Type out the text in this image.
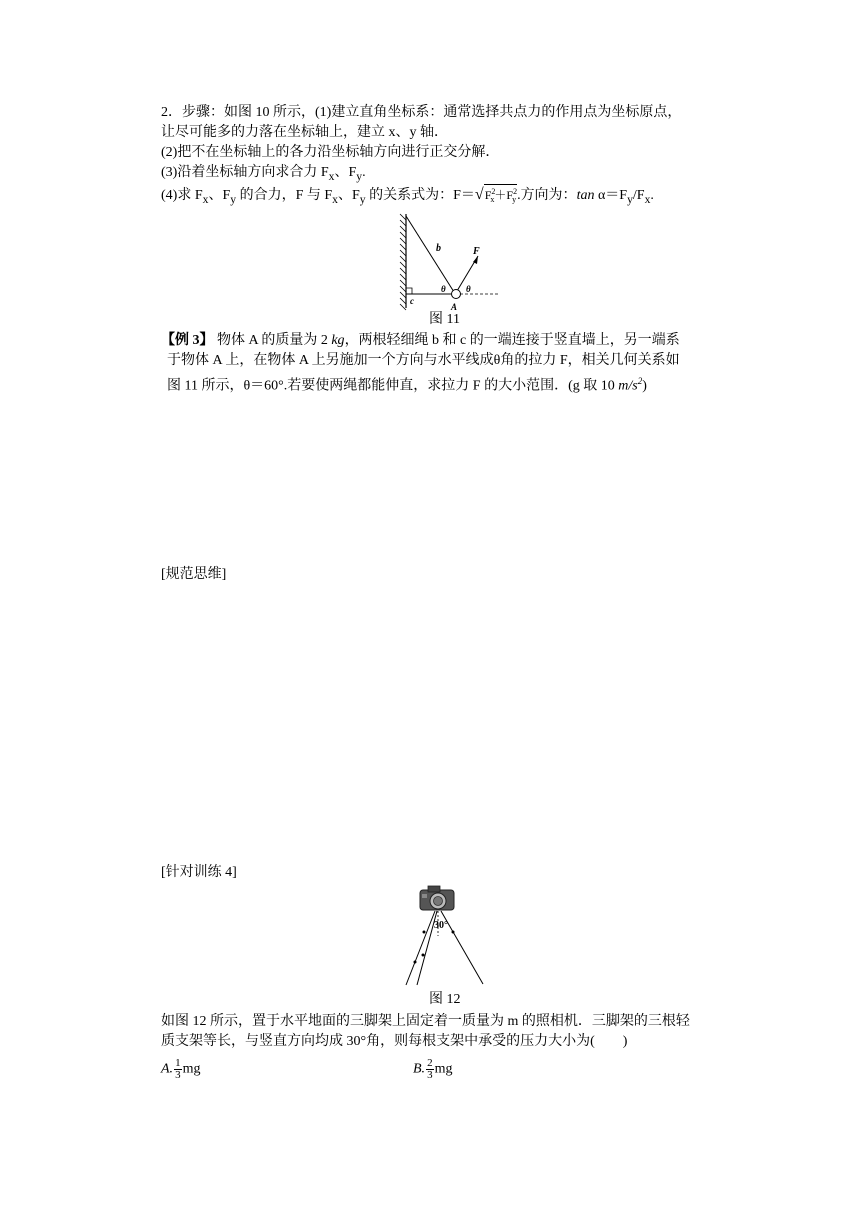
2．步骤：如图 10 所示，(1)建立直角坐标系：通常选择共点力的作用点为坐标原点，
让尽可能多的力落在坐标轴上，建立 x、y 轴．
(2)把不在坐标轴上的各力沿坐标轴方向进行正交分解．
(3)沿着坐标轴方向求合力 $F_x$、$F_y$.
(4)求 $F_x$、$F_y$ 的合力，F 与 $F_x$、$F_y$ 的关系式为：$F=√F^2_x+F^2_y$.方向为：$\tan \alpha=F_y/F_x$.
b	F
θ θ
c
A
图 11
【例 3】 物体 A 的质量为 2 kg，两根轻细绳 b 和 c 的一端连接于竖直墙上，另一端系
于物体 A 上，在物体 A 上另施加一个方向与水平线成θ角的拉力 F，相关几何关系如
图 11 所示，θ＝60°.若要使两绳都能伸直，求拉力 F 的大小范围．(g 取 10 $m/s^2$)
[规范思维]
[针对训练 4]
30°
图 12
如图 12 所示，置于水平地面的三脚架上固定着一质量为 m 的照相机．三脚架的三根轻
质支架等长，与竖直方向均成 30°角，则每根支架中承受的压力大小为(　　)
A. $\frac{1}{3}$ mg	B. $\frac{2}{3}$ mg
